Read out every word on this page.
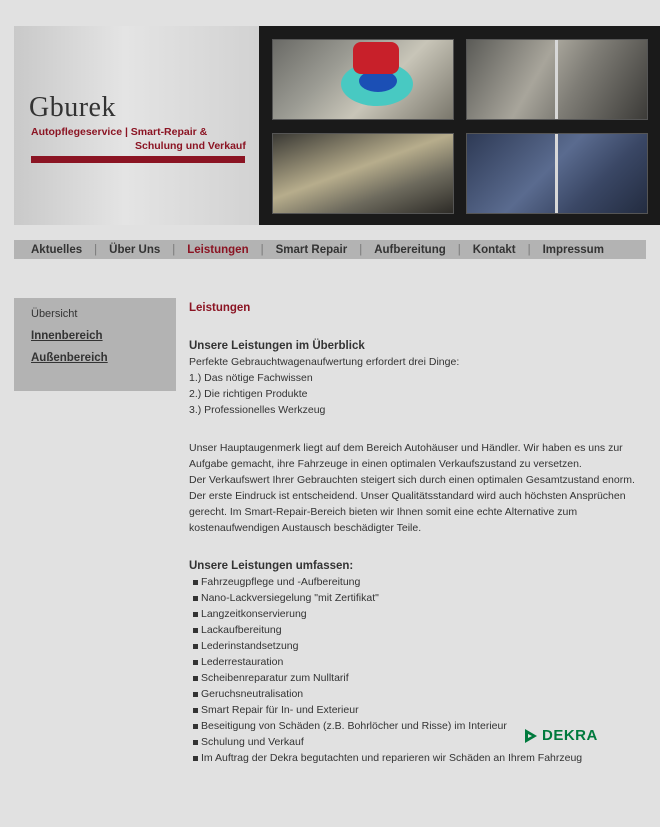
Gburek
Autopflegeservice | Smart-Repair &
Schulung und Verkauf
Aktuelles	|	Über Uns	|	Leistungen	|	Smart Repair	|	Aufbereitung	|	Kontakt	|	Impressum
Übersicht
Innenbereich
Außenbereich
Leistungen
Unsere Leistungen im Überblick

Perfekte Gebrauchtwagenaufwertung erfordert drei Dinge:

1.) Das nötige Fachwissen

2.) Die richtigen Produkte

3.) Professionelles Werkzeug

Unser Hauptaugenmerk liegt auf dem Bereich Autohäuser und Händler. Wir haben es uns zur Aufgabe gemacht, ihre Fahrzeuge in einen optimalen Verkaufszustand zu versetzen.

Der Verkaufswert Ihrer Gebrauchten steigert sich durch einen optimalen Gesamtzustand enorm. Der erste Eindruck ist entscheidend. Unser Qualitätsstandard wird auch höchsten Ansprüchen gerecht. Im Smart-Repair-Bereich bieten wir Ihnen somit eine echte Alternative zum kostenaufwendigen Austausch beschädigter Teile.

Unsere Leistungen umfassen:
Fahrzeugpflege und -Aufbereitung
Nano-Lackversiegelung "mit Zertifikat"
Langzeitkonservierung
Lackaufbereitung
Lederinstandsetzung
Lederrestauration
Scheibenreparatur zum Nulltarif
Geruchsneutralisation
Smart Repair für In- und Exterieur
Beseitigung von Schäden (z.B. Bohrlöcher und Risse) im Interieur
Schulung und Verkauf
Im Auftrag der Dekra begutachten und reparieren wir Schäden an Ihrem Fahrzeug
DEKRA
